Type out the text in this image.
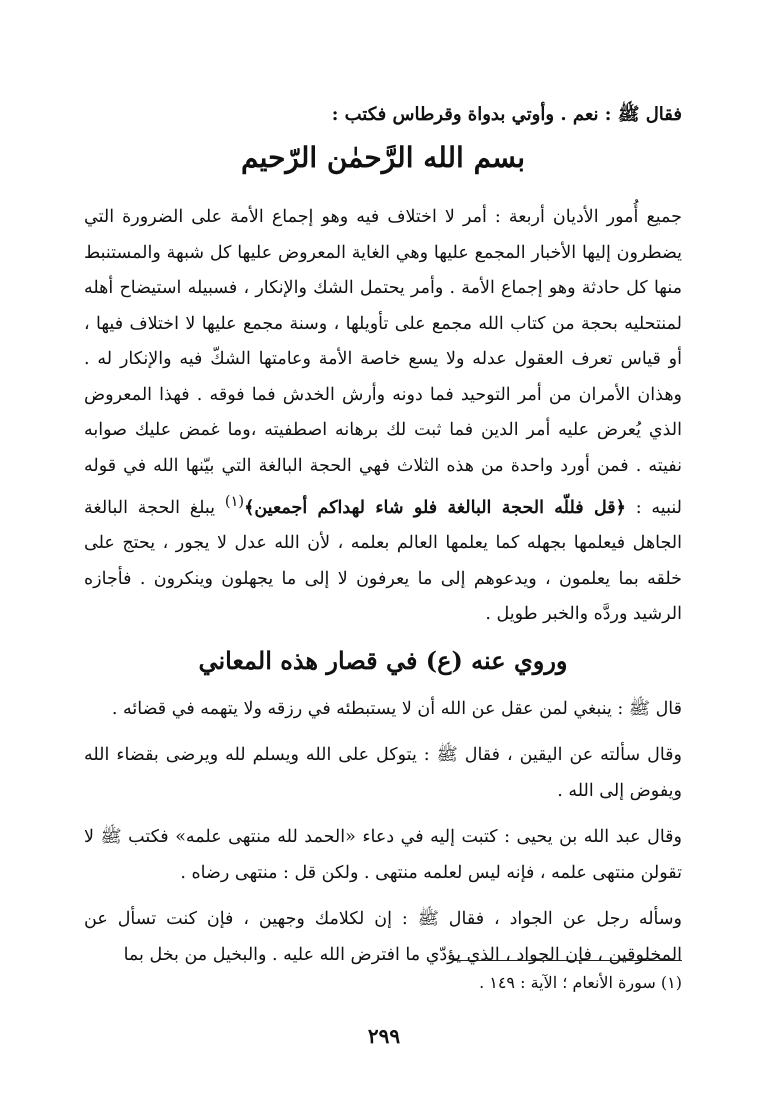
فقال ﷺ : نعم . وأوتي بدواة وقرطاس فكتب :

بسم الله الرَّحمٰن الرّحيم

جميع أُمور الأديان أربعة : أمر لا اختلاف فيه وهو إجماع الأمة على الضرورة التي يضطرون إليها الأخبار المجمع عليها وهي الغاية المعروض عليها كل شبهة والمستنبط منها كل حادثة وهو إجماع الأمة . وأمر يحتمل الشك والإنكار ، فسبيله استيضاح أهله لمنتحليه بحجة من كتاب الله مجمع على تأويلها ، وسنة مجمع عليها لا اختلاف فيها ، أو قياس تعرف العقول عدله ولا يسع خاصة الأمة وعامتها الشكّ فيه والإنكار له . وهذان الأمران من أمر التوحيد فما دونه وأرش الخدش فما فوقه . فهذا المعروض الذي يُعرض عليه أمر الدين فما ثبت لك برهانه اصطفيته ،وما غمض عليك صوابه نفيته . فمن أورد واحدة من هذه الثلاث فهي الحجة البالغة التي بيّنها الله في قوله لنبيه : ﴿قل فللّه الحجة البالغة فلو شاء لهداكم أجمعين﴾$^{(١)}$ يبلغ الحجة البالغة الجاهل فيعلمها بجهله كما يعلمها العالم بعلمه ، لأن الله عدل لا يجور ، يحتج على خلقه بما يعلمون ، ويدعوهم إلى ما يعرفون لا إلى ما يجهلون وينكرون . فأجازه الرشيد وردَّه والخبر طويل .

وروي عنه (ع) في قصار هذه المعاني

قال ﷺ : ينبغي لمن عقل عن الله أن لا يستبطئه في رزقه ولا يتهمه في قضائه .

وقال سألته عن اليقين ، فقال ﷺ : يتوكل على الله ويسلم لله ويرضى بقضاء الله ويفوض إلى الله .

وقال عبد الله بن يحيى : كتبت إليه في دعاء «الحمد لله منتهى علمه» فكتب ﷺ لا تقولن منتهى علمه ، فإنه ليس لعلمه منتهى . ولكن قل : منتهى رضاه .

وسأله رجل عن الجواد ، فقال ﷺ : إن لكلامك وجهين ، فإن كنت تسأل عن المخلوقين ، فإن الجواد ، الذي يؤدّي ما افترض الله عليه . والبخيل من بخل بما

(١) سورة الأنعام ؛ الآية : ١٤٩ .

٢٩٩
